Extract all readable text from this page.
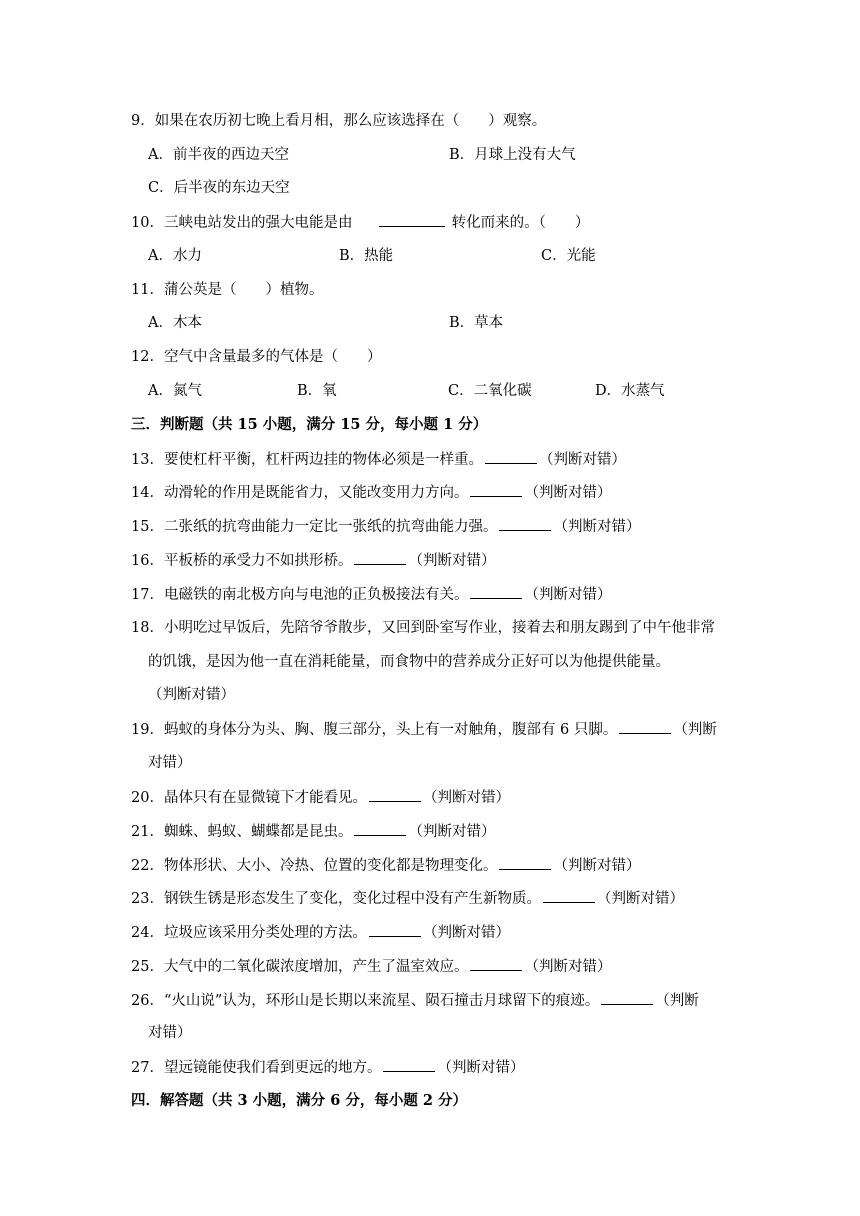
9．如果在农历初七晚上看月相，那么应该选择在（　　）观察。
A．前半夜的西边天空	B．月球上没有大气
C．后半夜的东边天空
10．三峡电站发出的强大电能是由	转化而来的。（　　）
A．水力	B．热能	C．光能
11．蒲公英是（　　）植物。
A．木本	B．草本
12．空气中含量最多的气体是（　　）
A．氮气	B．氧	C．二氧化碳	D．水蒸气
三．判断题（共 15 小题，满分 15 分，每小题 1 分）
13．要使杠杆平衡，杠杆两边挂的物体必须是一样重。	（判断对错）
14．动滑轮的作用是既能省力，又能改变用力方向。	（判断对错）
15．二张纸的抗弯曲能力一定比一张纸的抗弯曲能力强。	（判断对错）
16．平板桥的承受力不如拱形桥。	（判断对错）
17．电磁铁的南北极方向与电池的正负极接法有关。	（判断对错）
18．小明吃过早饭后，先陪爷爷散步，又回到卧室写作业，接着去和朋友踢到了中午他非常
的饥饿，是因为他一直在消耗能量，而食物中的营养成分正好可以为他提供能量。
（判断对错）
19．蚂蚁的身体分为头、胸、腹三部分，头上有一对触角，腹部有 6 只脚。	（判断
对错）
20．晶体只有在显微镜下才能看见。	（判断对错）
21．蜘蛛、蚂蚁、蝴蝶都是昆虫。	（判断对错）
22．物体形状、大小、冷热、位置的变化都是物理变化。	（判断对错）
23．钢铁生锈是形态发生了变化，变化过程中没有产生新物质。	（判断对错）
24．垃圾应该采用分类处理的方法。	（判断对错）
25．大气中的二氧化碳浓度增加，产生了温室效应。	（判断对错）
26．“火山说”认为，环形山是长期以来流星、陨石撞击月球留下的痕迹。	（判断
对错）
27．望远镜能使我们看到更远的地方。	（判断对错）
四．解答题（共 3 小题，满分 6 分，每小题 2 分）
